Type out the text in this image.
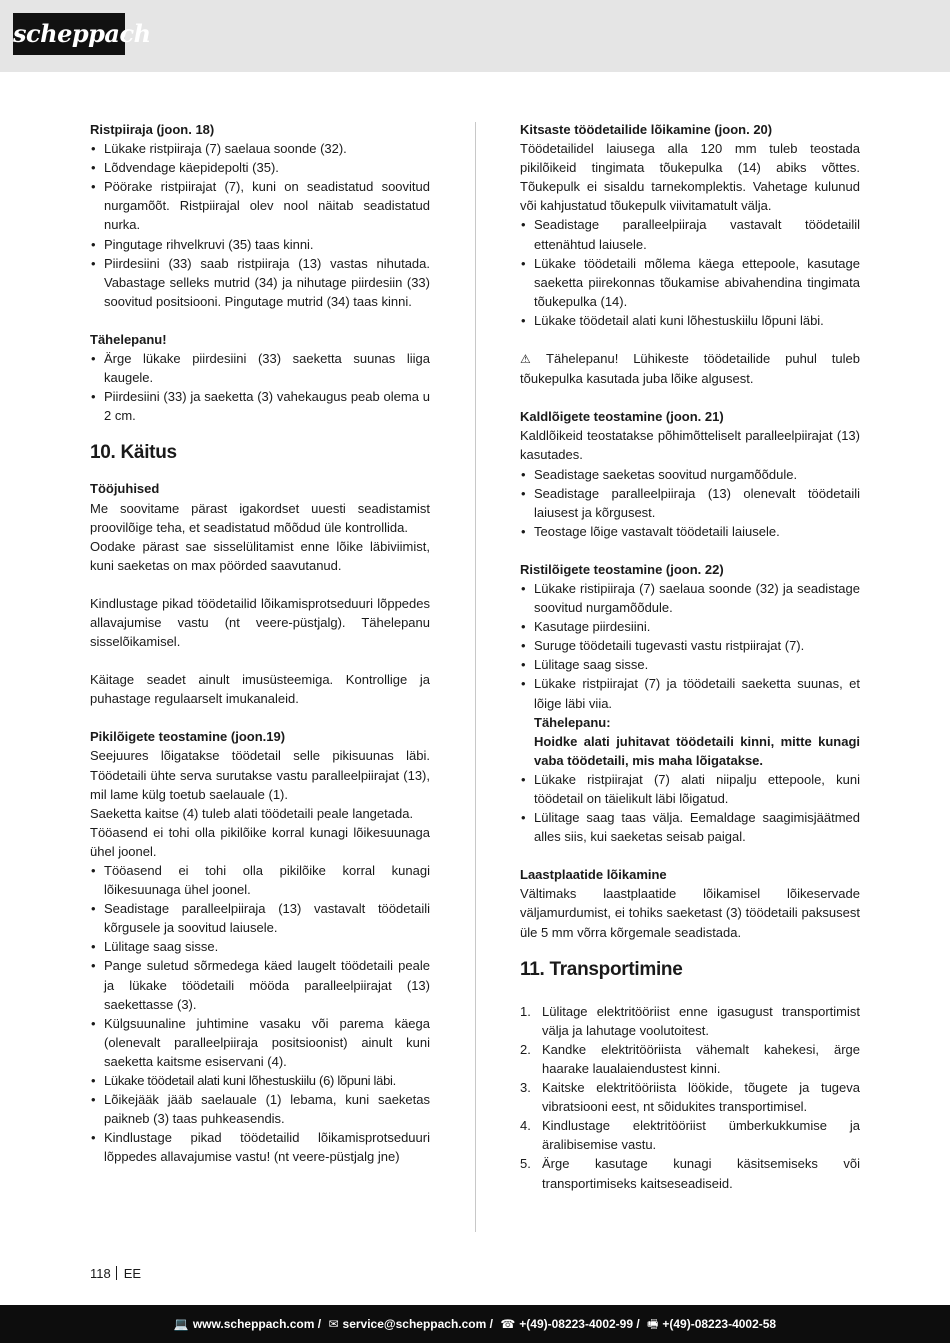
scheppach
Ristpiiraja (joon. 18)
• Lükake ristpiiraja (7) saelaua soonde (32).
• Lõdvendage käepidepolti (35).
• Pöörake ristpiirajat (7), kuni on seadistatud soovitud nurgamõõt. Ristpiirajal olev nool näitab seadistatud nurka.
• Pingutage rihvelkruvi (35) taas kinni.
• Piirdesiini (33) saab ristpiiraja (13) vastas nihutada. Vabastage selleks mutrid (34) ja nihutage piirdesiin (33) soovitud positsiooni. Pingutage mutrid (34) taas kinni.
Tähelepanu!
• Ärge lükake piirdesiini (33) saeketta suunas liiga kaugele.
• Piirdesiini (33) ja saeketta (3) vahekaugus peab olema u 2 cm.
10. Käitus
Tööjuhised
Me soovitame pärast igakordset uuesti seadistamist proovilõige teha, et seadistatud mõõdud üle kontrollida.
Oodake pärast sae sisselülitamist enne lõike läbiviimist, kuni saeketas on max pöörded saavutanud.
Kindlustage pikad töödetailid lõikamisprotseduuri lõppedes allavajumise vastu (nt veere-püstjalg). Tähelepanu sisselõikamisel.
Käitage seadet ainult imusüsteemiga. Kontrollige ja puhastage regulaarselt imukanaleid.
Pikilõigete teostamine (joon.19)
Seejuures lõigatakse töödetail selle pikisuunas läbi. Töödetaili ühte serva surutakse vastu paralleelpiirajat (13), mil lame külg toetub saelauale (1).
Saeketta kaitse (4) tuleb alati töödetaili peale langetada.
Tööasend ei tohi olla pikilõike korral kunagi lõikesuunaga ühel joonel.
• Tööasend ei tohi olla pikilõike korral kunagi lõikesuunaga ühel joonel.
• Seadistage paralleelpiiraja (13) vastavalt töödetaili kõrgusele ja soovitud laiusele.
• Lülitage saag sisse.
• Pange suletud sõrmedega käed laugelt töödetaili peale ja lükake töödetaili mööda paralleelpiirajat (13) saekettasse (3).
• Külgsuunaline juhtimine vasaku või parema käega (olenevalt paralleelpiiraja positsioonist) ainult kuni saeketta kaitsme esiservani (4).
• Lükake töödetail alati kuni lõhestuskiilu (6) lõpuni läbi.
• Lõikejääk jääb saelauale (1) lebama, kuni saeketas paikneb (3) taas puhkeasendis.
• Kindlustage pikad töödetailid lõikamisprotseduuri lõppedes allavajumise vastu! (nt veere-püstjalg jne)
Kitsaste töödetailide lõikamine (joon. 20)
Töödetailidel laiusega alla 120 mm tuleb teostada pikilõikeid tingimata tõukepulka (14) abiks võttes. Tõukepulk ei sisaldu tarnekomplektis. Vahetage kulunud või kahjustatud tõukepulk viivitamatult välja.
• Seadistage paralleelpiiraja vastavalt töödetailil ettenähtud laiusele.
• Lükake töödetaili mõlema käega ettepoole, kasutage saeketta piirekonnas tõukamise abivahendina tingimata tõukepulka (14).
• Lükake töödetail alati kuni lõhestuskiilu lõpuni läbi.
⚠ Tähelepanu! Lühikeste töödetailide puhul tuleb tõukepulka kasutada juba lõike algusest.
Kaldlõigete teostamine (joon. 21)
Kaldlõikeid teostatakse põhimõtteliselt paralleelpiirajat (13) kasutades.
• Seadistage saeketas soovitud nurgamõõdule.
• Seadistage paralleelpiiraja (13) olenevalt töödetaili laiusest ja kõrgusest.
• Teostage lõige vastavalt töödetaili laiusele.
Ristilõigete teostamine (joon. 22)
• Lükake ristipiiraja (7) saelaua soonde (32) ja seadistage soovitud nurgamõõdule.
• Kasutage piirdesiini.
• Suruge töödetaili tugevasti vastu ristpiirajat (7).
• Lülitage saag sisse.
• Lükake ristpiirajat (7) ja töödetaili saeketta suunas, et lõige läbi viia.
Tähelepanu:
Hoidke alati juhitavat töödetaili kinni, mitte kunagi vaba töödetaili, mis maha lõigatakse.
• Lükake ristpiirajat (7) alati niipalju ettepoole, kuni töödetail on täielikult läbi lõigatud.
• Lülitage saag taas välja. Eemaldage saagimisjäätmed alles siis, kui saeketas seisab paigal.
Laastplaatide lõikamine
Vältimaks laastplaatide lõikamisel lõikeservade väljamurdumist, ei tohiks saeketast (3) töödetaili paksusest üle 5 mm võrra kõrgemale seadistada.
11. Transportimine
1. Lülitage elektritööriist enne igasugust transportimist välja ja lahutage voolutoitest.
2. Kandke elektritööriista vähemalt kahekesi, ärge haarake laualaiendustest kinni.
3. Kaitske elektritööriista löökide, tõugete ja tugeva vibratsiooni eest, nt sõidukites transportimisel.
4. Kindlustage elektritööriist ümberkukkumise ja äralibisemise vastu.
5. Ärge kasutage kunagi käsitsemiseks või transportimiseks kaitseseadiseid.
118 EE
💻 www.scheppach.com / ✉ service@scheppach.com / ☎ +(49)-08223-4002-99 / 🖷 +(49)-08223-4002-58
